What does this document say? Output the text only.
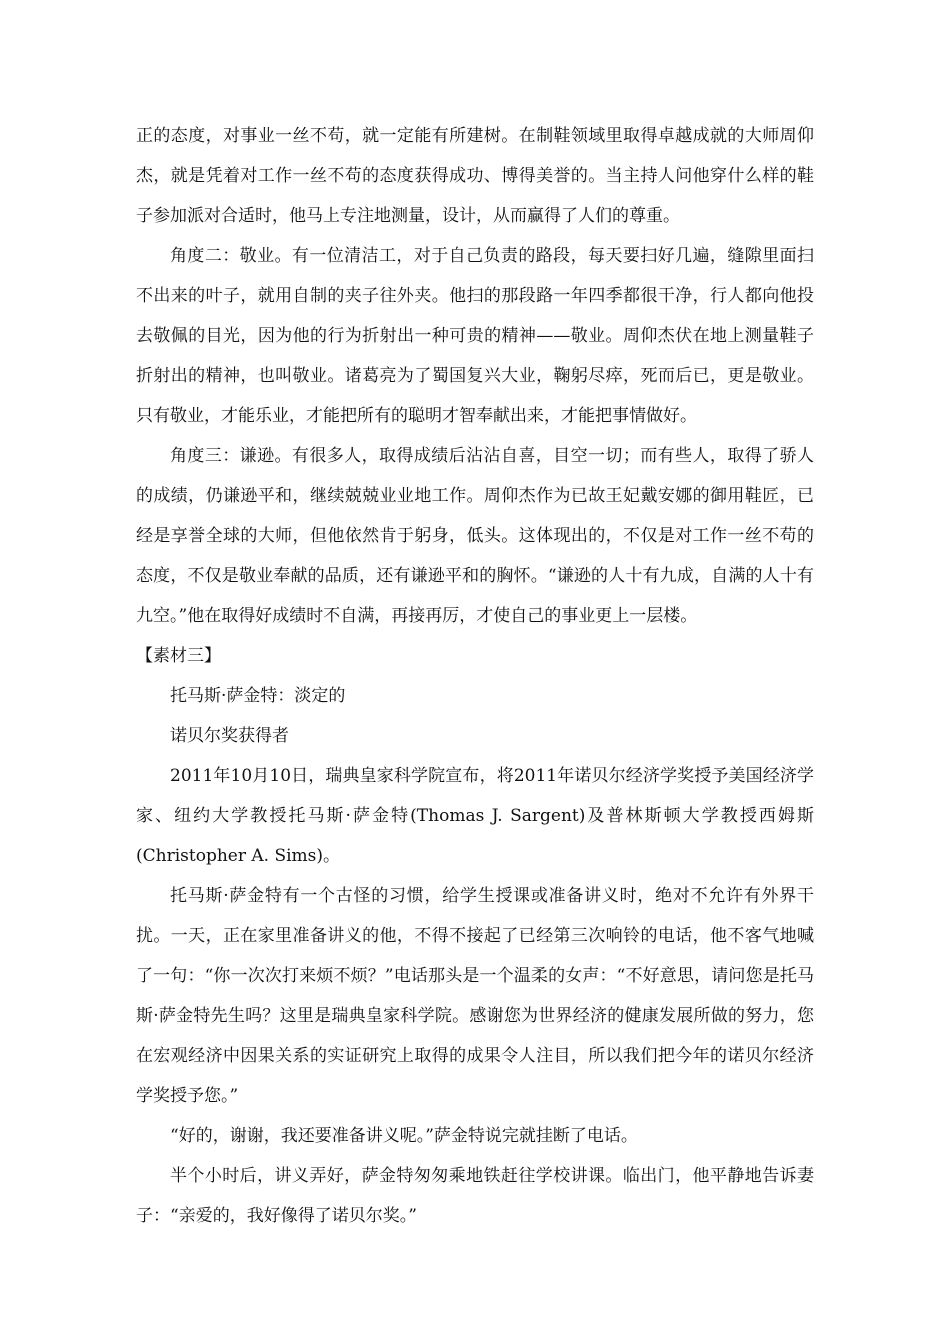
正的态度，对事业一丝不苟，就一定能有所建树。在制鞋领域里取得卓越成就的大师周仰杰，就是凭着对工作一丝不苟的态度获得成功、博得美誉的。当主持人问他穿什么样的鞋子参加派对合适时，他马上专注地测量，设计，从而赢得了人们的尊重。

角度二：敬业。有一位清洁工，对于自己负责的路段，每天要扫好几遍，缝隙里面扫不出来的叶子，就用自制的夹子往外夹。他扫的那段路一年四季都很干净，行人都向他投去敬佩的目光，因为他的行为折射出一种可贵的精神——敬业。周仰杰伏在地上测量鞋子折射出的精神，也叫敬业。诸葛亮为了蜀国复兴大业，鞠躬尽瘁，死而后已，更是敬业。只有敬业，才能乐业，才能把所有的聪明才智奉献出来，才能把事情做好。

角度三：谦逊。有很多人，取得成绩后沾沾自喜，目空一切；而有些人，取得了骄人的成绩，仍谦逊平和，继续兢兢业业地工作。周仰杰作为已故王妃戴安娜的御用鞋匠，已经是享誉全球的大师，但他依然肯于躬身，低头。这体现出的，不仅是对工作一丝不苟的态度，不仅是敬业奉献的品质，还有谦逊平和的胸怀。“谦逊的人十有九成，自满的人十有九空。”他在取得好成绩时不自满，再接再厉，才使自己的事业更上一层楼。

【素材三】

托马斯·萨金特：淡定的

诺贝尔奖获得者

2011年10月10日，瑞典皇家科学院宣布，将2011年诺贝尔经济学奖授予美国经济学家、纽约大学教授托马斯·萨金特(Thomas J. Sargent)及普林斯顿大学教授西姆斯(Christopher A. Sims)。

托马斯·萨金特有一个古怪的习惯，给学生授课或准备讲义时，绝对不允许有外界干扰。一天，正在家里准备讲义的他，不得不接起了已经第三次响铃的电话，他不客气地喊了一句：“你一次次打来烦不烦？”电话那头是一个温柔的女声：“不好意思，请问您是托马斯·萨金特先生吗？这里是瑞典皇家科学院。感谢您为世界经济的健康发展所做的努力，您在宏观经济中因果关系的实证研究上取得的成果令人注目，所以我们把今年的诺贝尔经济学奖授予您。”

“好的，谢谢，我还要准备讲义呢。”萨金特说完就挂断了电话。

半个小时后，讲义弄好，萨金特匆匆乘地铁赶往学校讲课。临出门，他平静地告诉妻子：“亲爱的，我好像得了诺贝尔奖。”
